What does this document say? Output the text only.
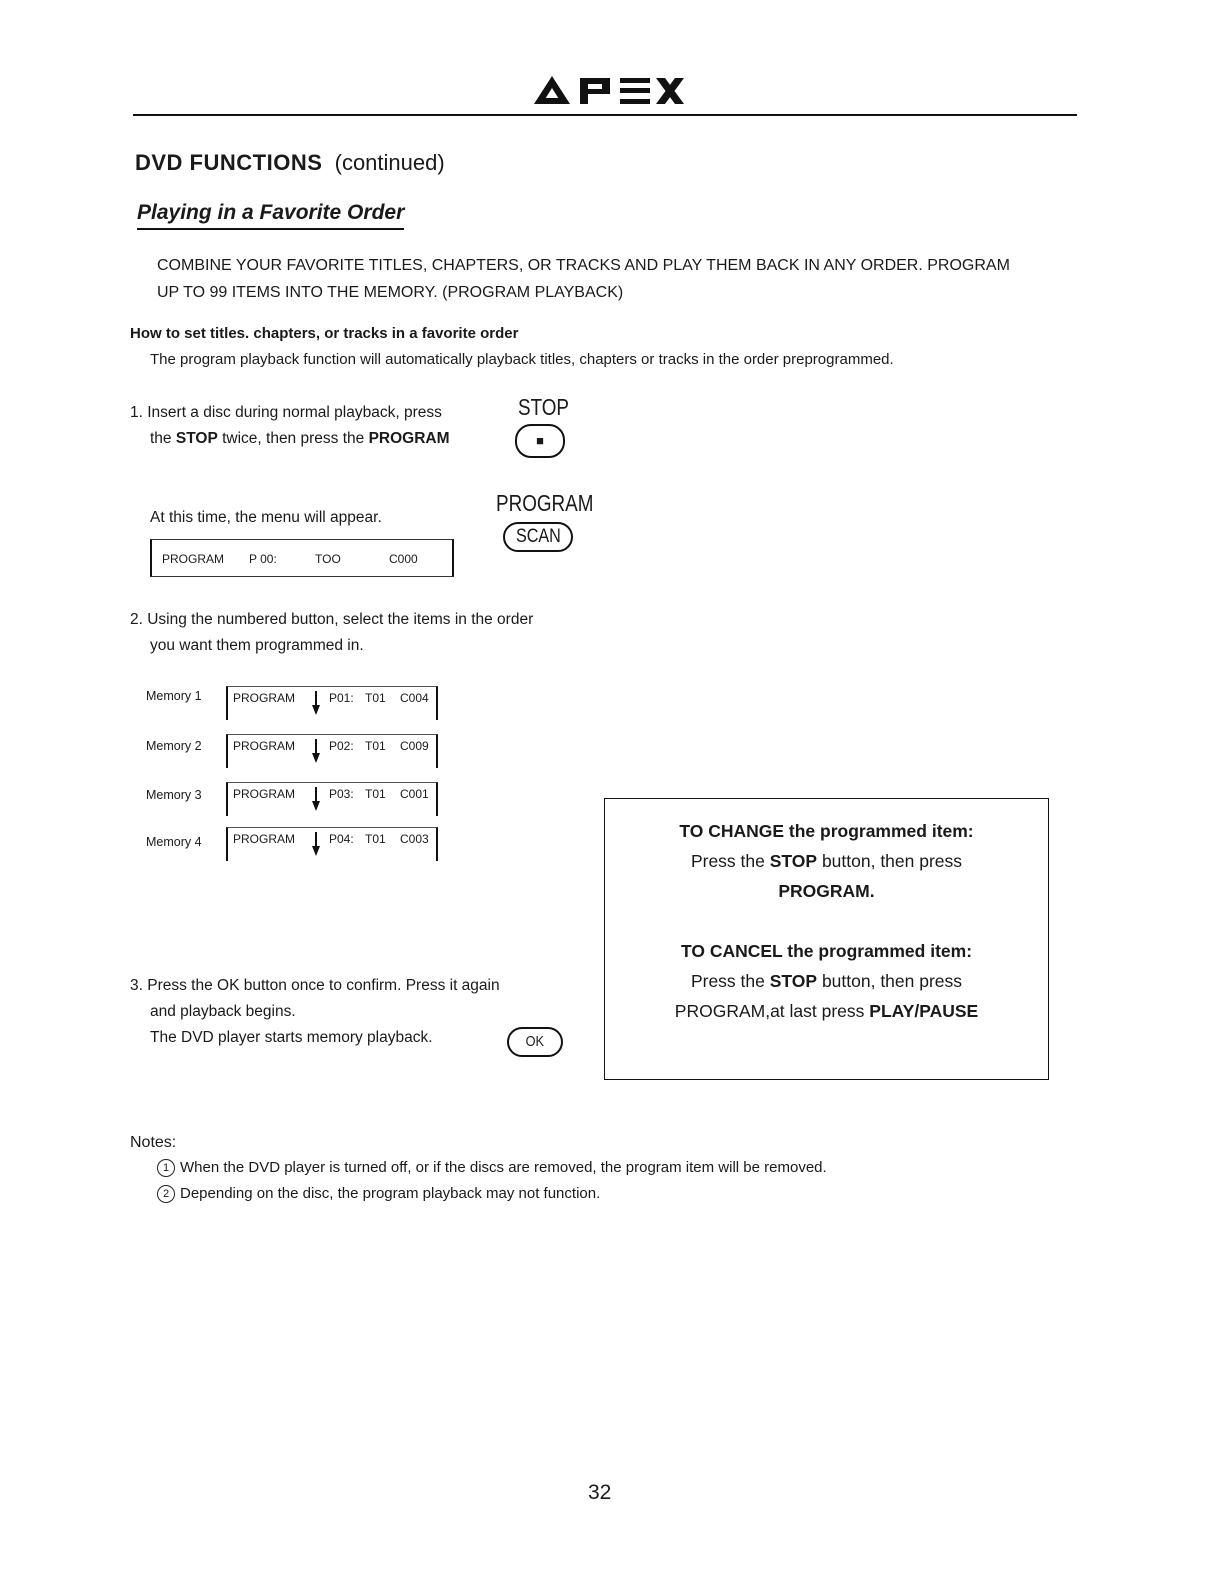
DVD FUNCTIONS (continued)
Playing in a Favorite Order
COMBINE YOUR FAVORITE TITLES, CHAPTERS, OR TRACKS AND PLAY THEM BACK IN ANY ORDER. PROGRAM
UP TO 99 ITEMS INTO THE MEMORY. (PROGRAM PLAYBACK)
How to set titles. chapters, or tracks in a favorite order
The program playback function will automatically playback titles, chapters or tracks in the order preprogrammed.
1. Insert a disc during normal playback, press
the STOP twice, then press the PROGRAM
STOP
■
At this time, the menu will appear.
PROGRAM
SCAN
PROGRAM P 00:	TOO	C000
2. Using the numbered button, select the items in the order
you want them programmed in.
Memory 1	PROGRAM	P01: T01 C004
Memory 2	PROGRAM	P02: T01 C009
Memory 3	PROGRAM	P03: T01 C001
Memory 4	PROGRAM	P04: T01 C003
3. Press the OK button once to confirm. Press it again
and playback begins.
The DVD player starts memory playback.	OK

TO CHANGE the programmed item:

Press the STOP button, then press

PROGRAM.

TO CANCEL the programmed item:

Press the STOP button, then press

PROGRAM,at last press PLAY/PAUSE

Notes:
1 When the DVD player is turned off, or if the discs are removed, the program item will be removed.
2 Depending on the disc, the program playback may not function.
32
